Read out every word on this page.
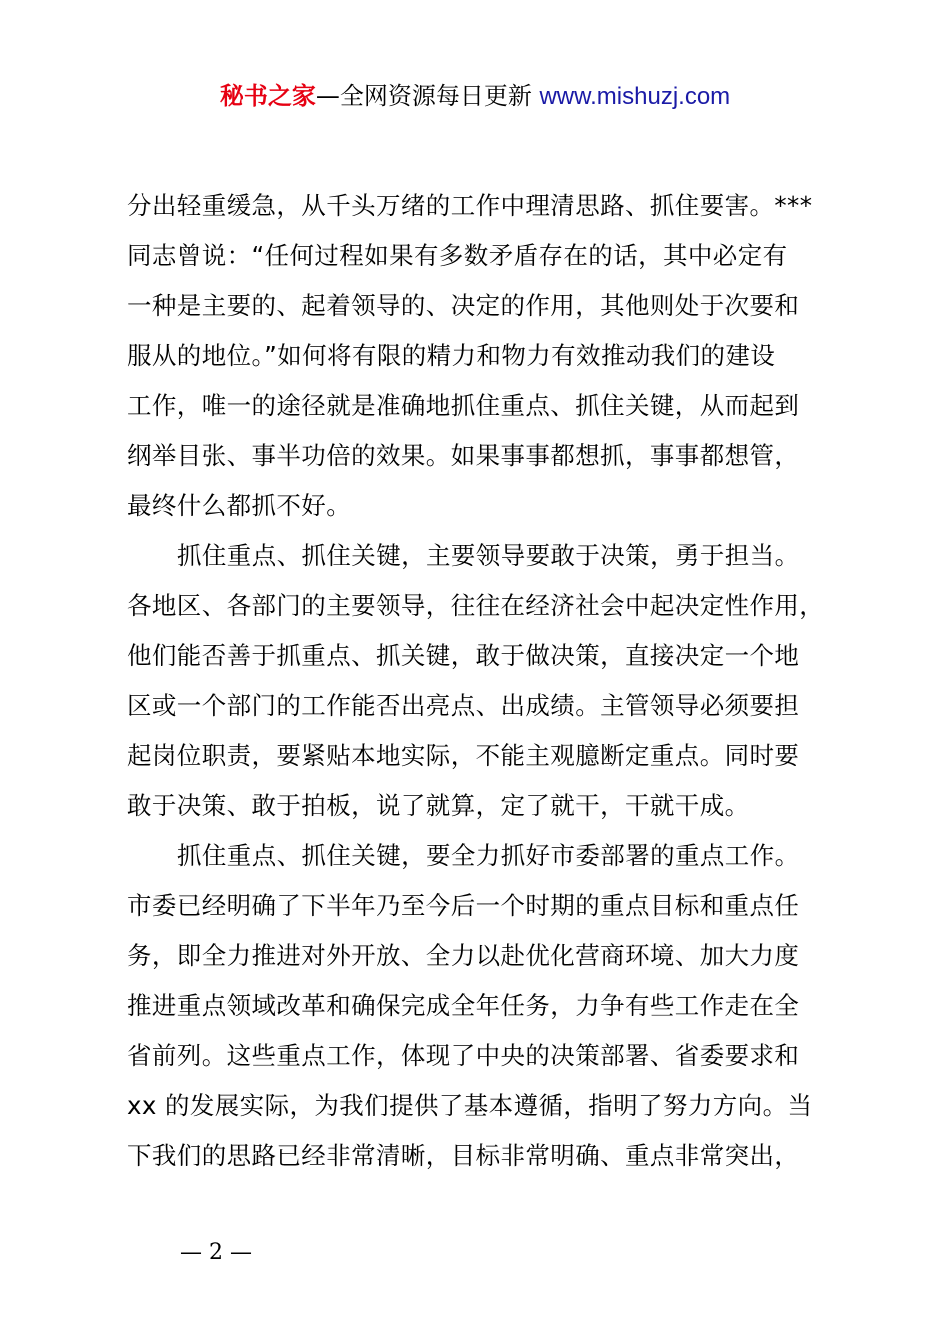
秘书之家—全网资源每日更新 www.mishuzj.com

分出轻重缓急，从千头万绪的工作中理清思路、抓住要害。***
同志曾说：“任何过程如果有多数矛盾存在的话，其中必定有
一种是主要的、起着领导的、决定的作用，其他则处于次要和
服从的地位。”如何将有限的精力和物力有效推动我们的建设
工作，唯一的途径就是准确地抓住重点、抓住关键，从而起到
纲举目张、事半功倍的效果。如果事事都想抓，事事都想管，
最终什么都抓不好。

抓住重点、抓住关键，主要领导要敢于决策，勇于担当。
各地区、各部门的主要领导，往往在经济社会中起决定性作用，
他们能否善于抓重点、抓关键，敢于做决策，直接决定一个地
区或一个部门的工作能否出亮点、出成绩。主管领导必须要担
起岗位职责，要紧贴本地实际，不能主观臆断定重点。同时要
敢于决策、敢于拍板，说了就算，定了就干，干就干成。

抓住重点、抓住关键，要全力抓好市委部署的重点工作。
市委已经明确了下半年乃至今后一个时期的重点目标和重点任
务，即全力推进对外开放、全力以赴优化营商环境、加大力度
推进重点领域改革和确保完成全年任务，力争有些工作走在全
省前列。这些重点工作，体现了中央的决策部署、省委要求和
xx 的发展实际，为我们提供了基本遵循，指明了努力方向。当
下我们的思路已经非常清晰，目标非常明确、重点非常突出，

— 2 —
